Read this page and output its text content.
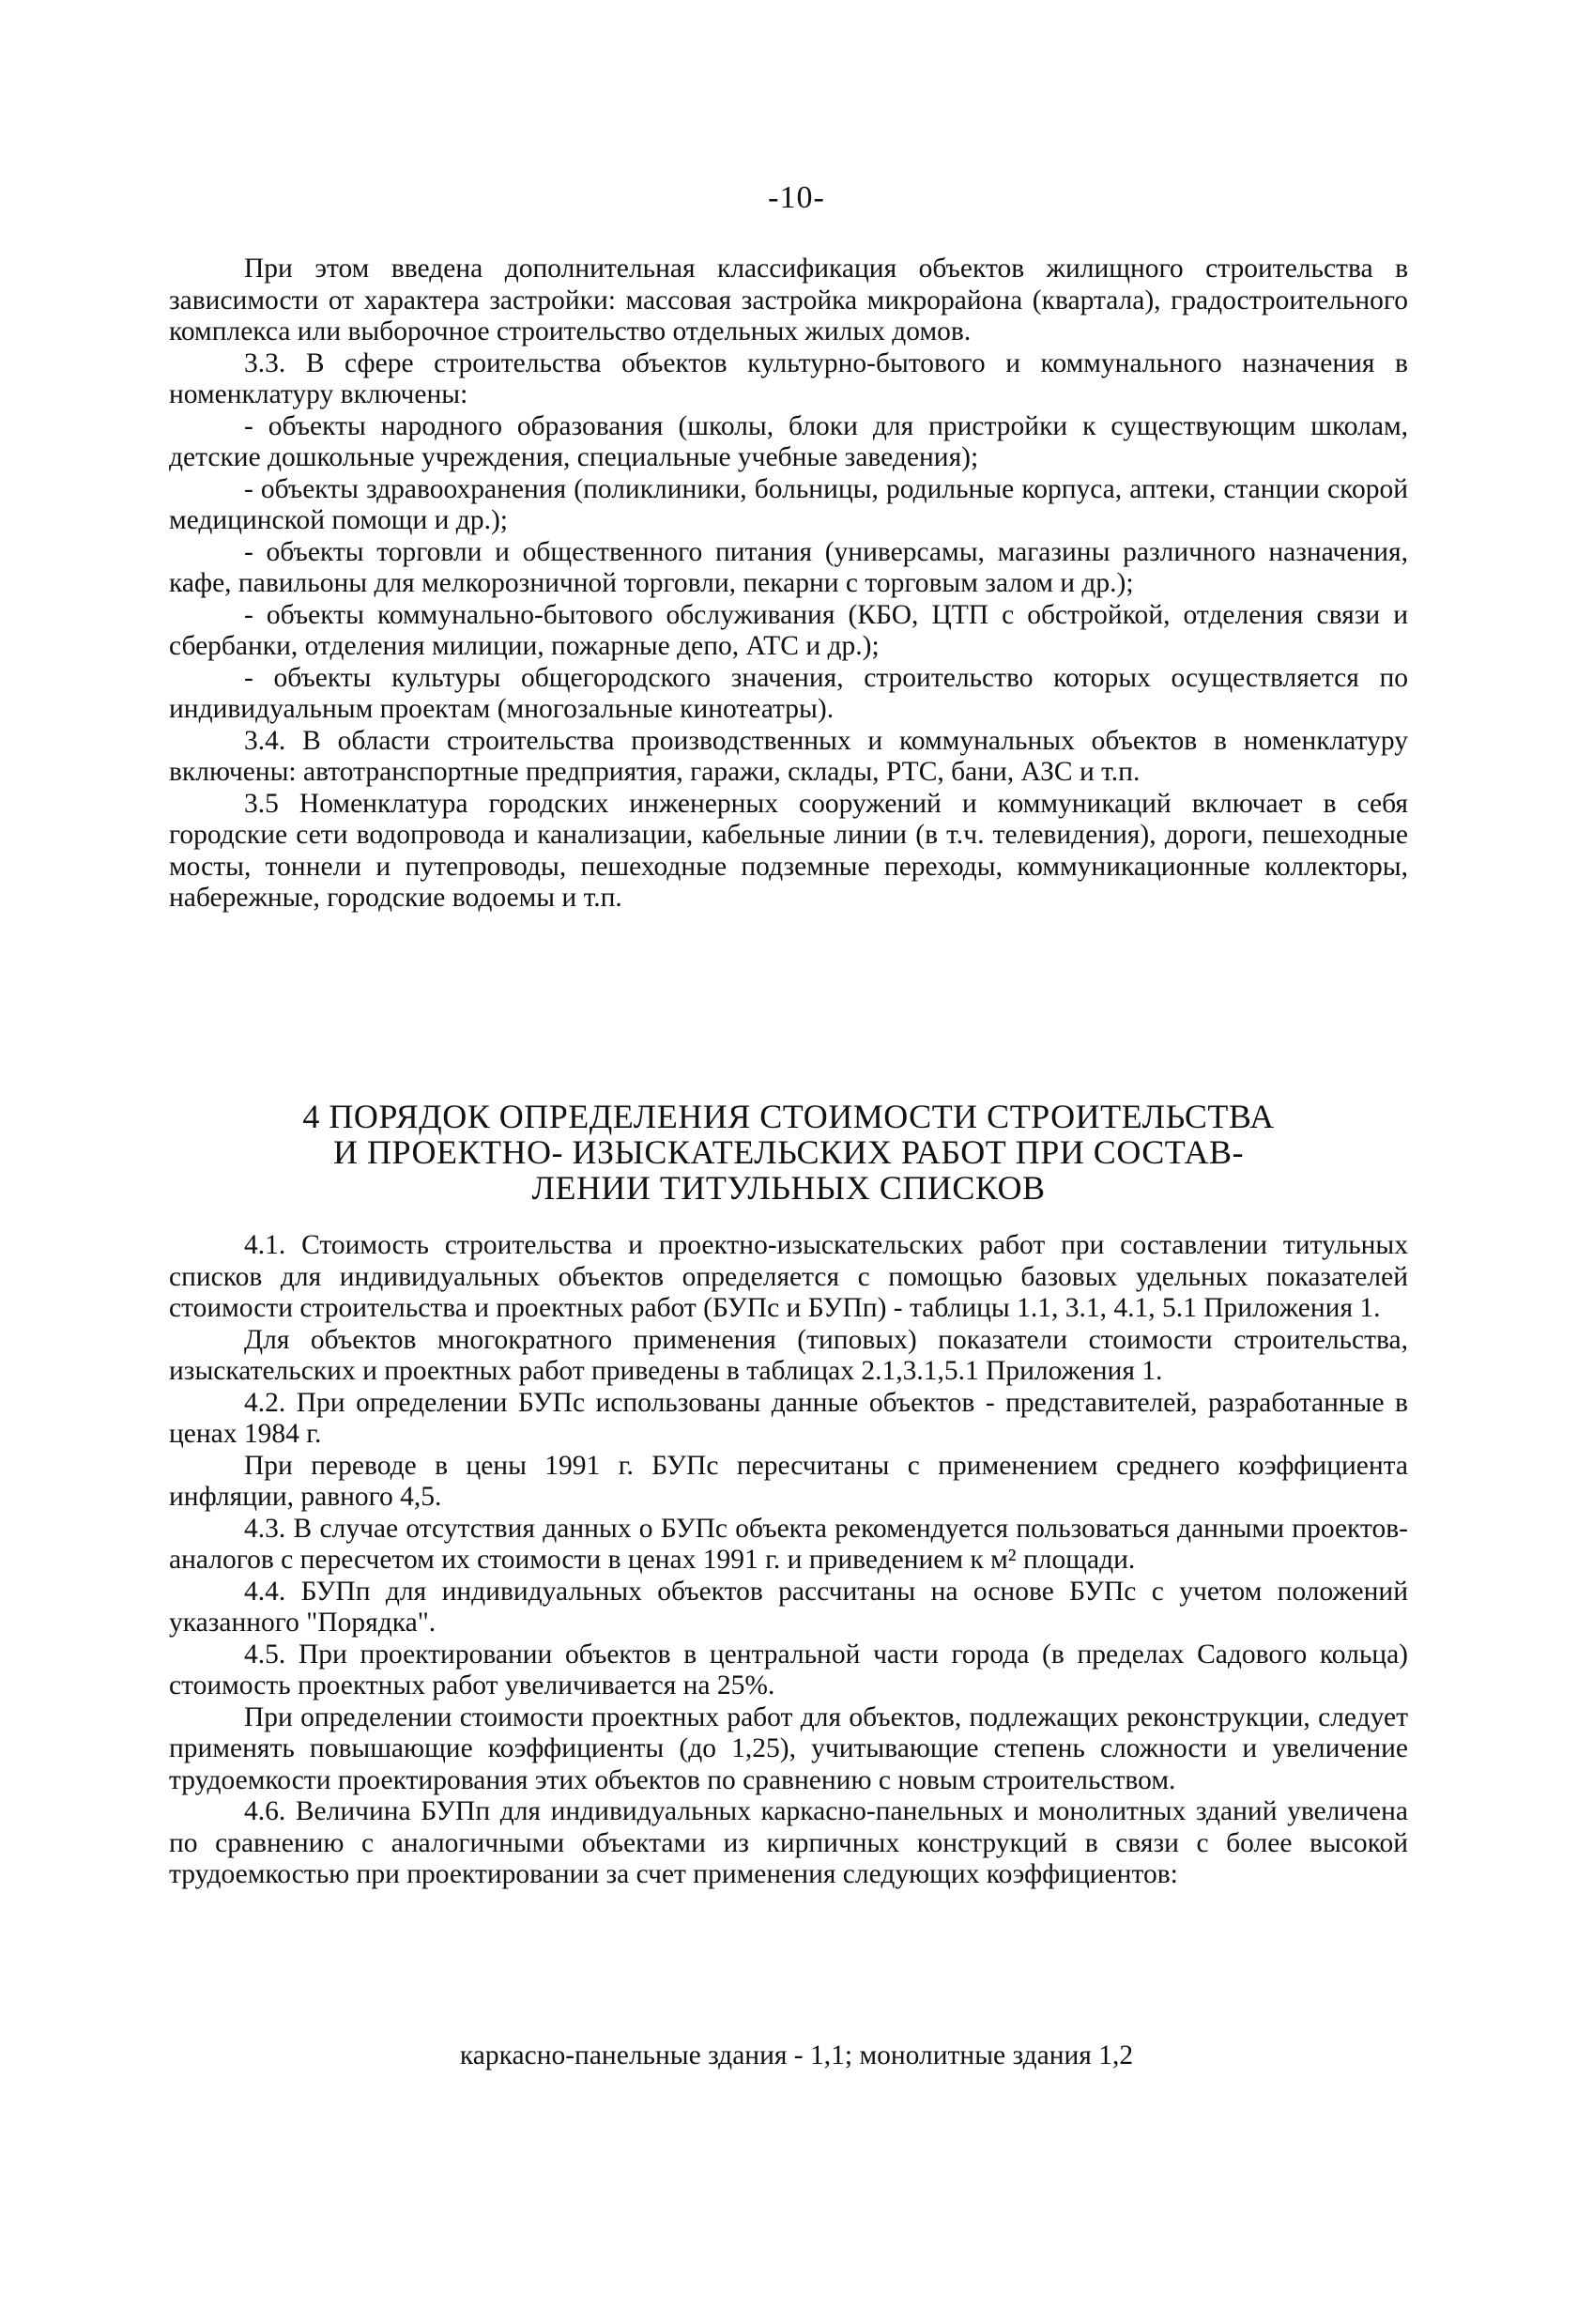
-10-

При этом введена дополнительная классификация объектов жилищного строительства в зависимости от характера застройки: массовая застройка микрорайона (квартала), градостроительного комплекса или выборочное строительство отдельных жилых домов.

3.3. В сфере строительства объектов культурно-бытового и коммунального назначения в номенклатуру включены:

- объекты народного образования (школы, блоки для пристройки к существующим школам, детские дошкольные учреждения, специальные учебные заведения);

- объекты здравоохранения (поликлиники, больницы, родильные корпуса, аптеки, станции скорой медицинской помощи и др.);

- объекты торговли и общественного питания (универсамы, магазины различного назначения, кафе, павильоны для мелкорозничной торговли, пекарни с торговым залом и др.);

- объекты коммунально-бытового обслуживания (КБО, ЦТП с обстройкой, отделения связи и сбербанки, отделения милиции, пожарные депо, АТС и др.);

- объекты культуры общегородского значения, строительство которых осуществляется по индивидуальным проектам (многозальные кинотеатры).

3.4. В области строительства производственных и коммунальных объектов в номенклатуру включены: автотранспортные предприятия, гаражи, склады, РТС, бани, АЗС и т.п.

3.5 Номенклатура городских инженерных сооружений и коммуникаций включает в себя городские сети водопровода и канализации, кабельные линии (в т.ч. телевидения), дороги, пешеходные мосты, тоннели и путепроводы, пешеходные подземные переходы, коммуникационные коллекторы, набережные, городские водоемы и т.п.

4 ПОРЯДОК ОПРЕДЕЛЕНИЯ СТОИМОСТИ СТРОИТЕЛЬСТВА

И ПРОЕКТНО- ИЗЫСКАТЕЛЬСКИХ РАБОТ ПРИ СОСТАВ-

ЛЕНИИ ТИТУЛЬНЫХ СПИСКОВ

4.1. Стоимость строительства и проектно-изыскательских работ при составлении титульных списков для индивидуальных объектов определяется с помощью базовых удельных показателей стоимости строительства и проектных работ (БУПс и БУПп) - таблицы 1.1, 3.1, 4.1, 5.1 Приложения 1.

Для объектов многократного применения (типовых) показатели стоимости строительства, изыскательских и проектных работ приведены в таблицах 2.1,3.1,5.1 Приложения 1.

4.2. При определении БУПс использованы данные объектов - представителей, разработанные в ценах 1984 г.

При переводе в цены 1991 г. БУПс пересчитаны с применением среднего коэффициента инфляции, равного 4,5.

4.3. В случае отсутствия данных о БУПс объекта рекомендуется пользоваться данными проектов-аналогов с пересчетом их стоимости в ценах 1991 г. и приведением к м² площади.

4.4. БУПп для индивидуальных объектов рассчитаны на основе БУПс с учетом положений указанного "Порядка".

4.5. При проектировании объектов в центральной части города (в пределах Садового кольца) стоимость проектных работ увеличивается на 25%.

При определении стоимости проектных работ для объектов, подлежащих реконструкции, следует применять повышающие коэффициенты (до 1,25), учитывающие степень сложности и увеличение трудоемкости проектирования этих объектов по сравнению с новым строительством.

4.6. Величина БУПп для индивидуальных каркасно-панельных и монолитных зданий увеличена по сравнению с аналогичными объектами из кирпичных конструкций в связи с более высокой трудоемкостью при проектировании за счет применения следующих коэффициентов:

каркасно-панельные здания - 1,1; монолитные здания 1,2
